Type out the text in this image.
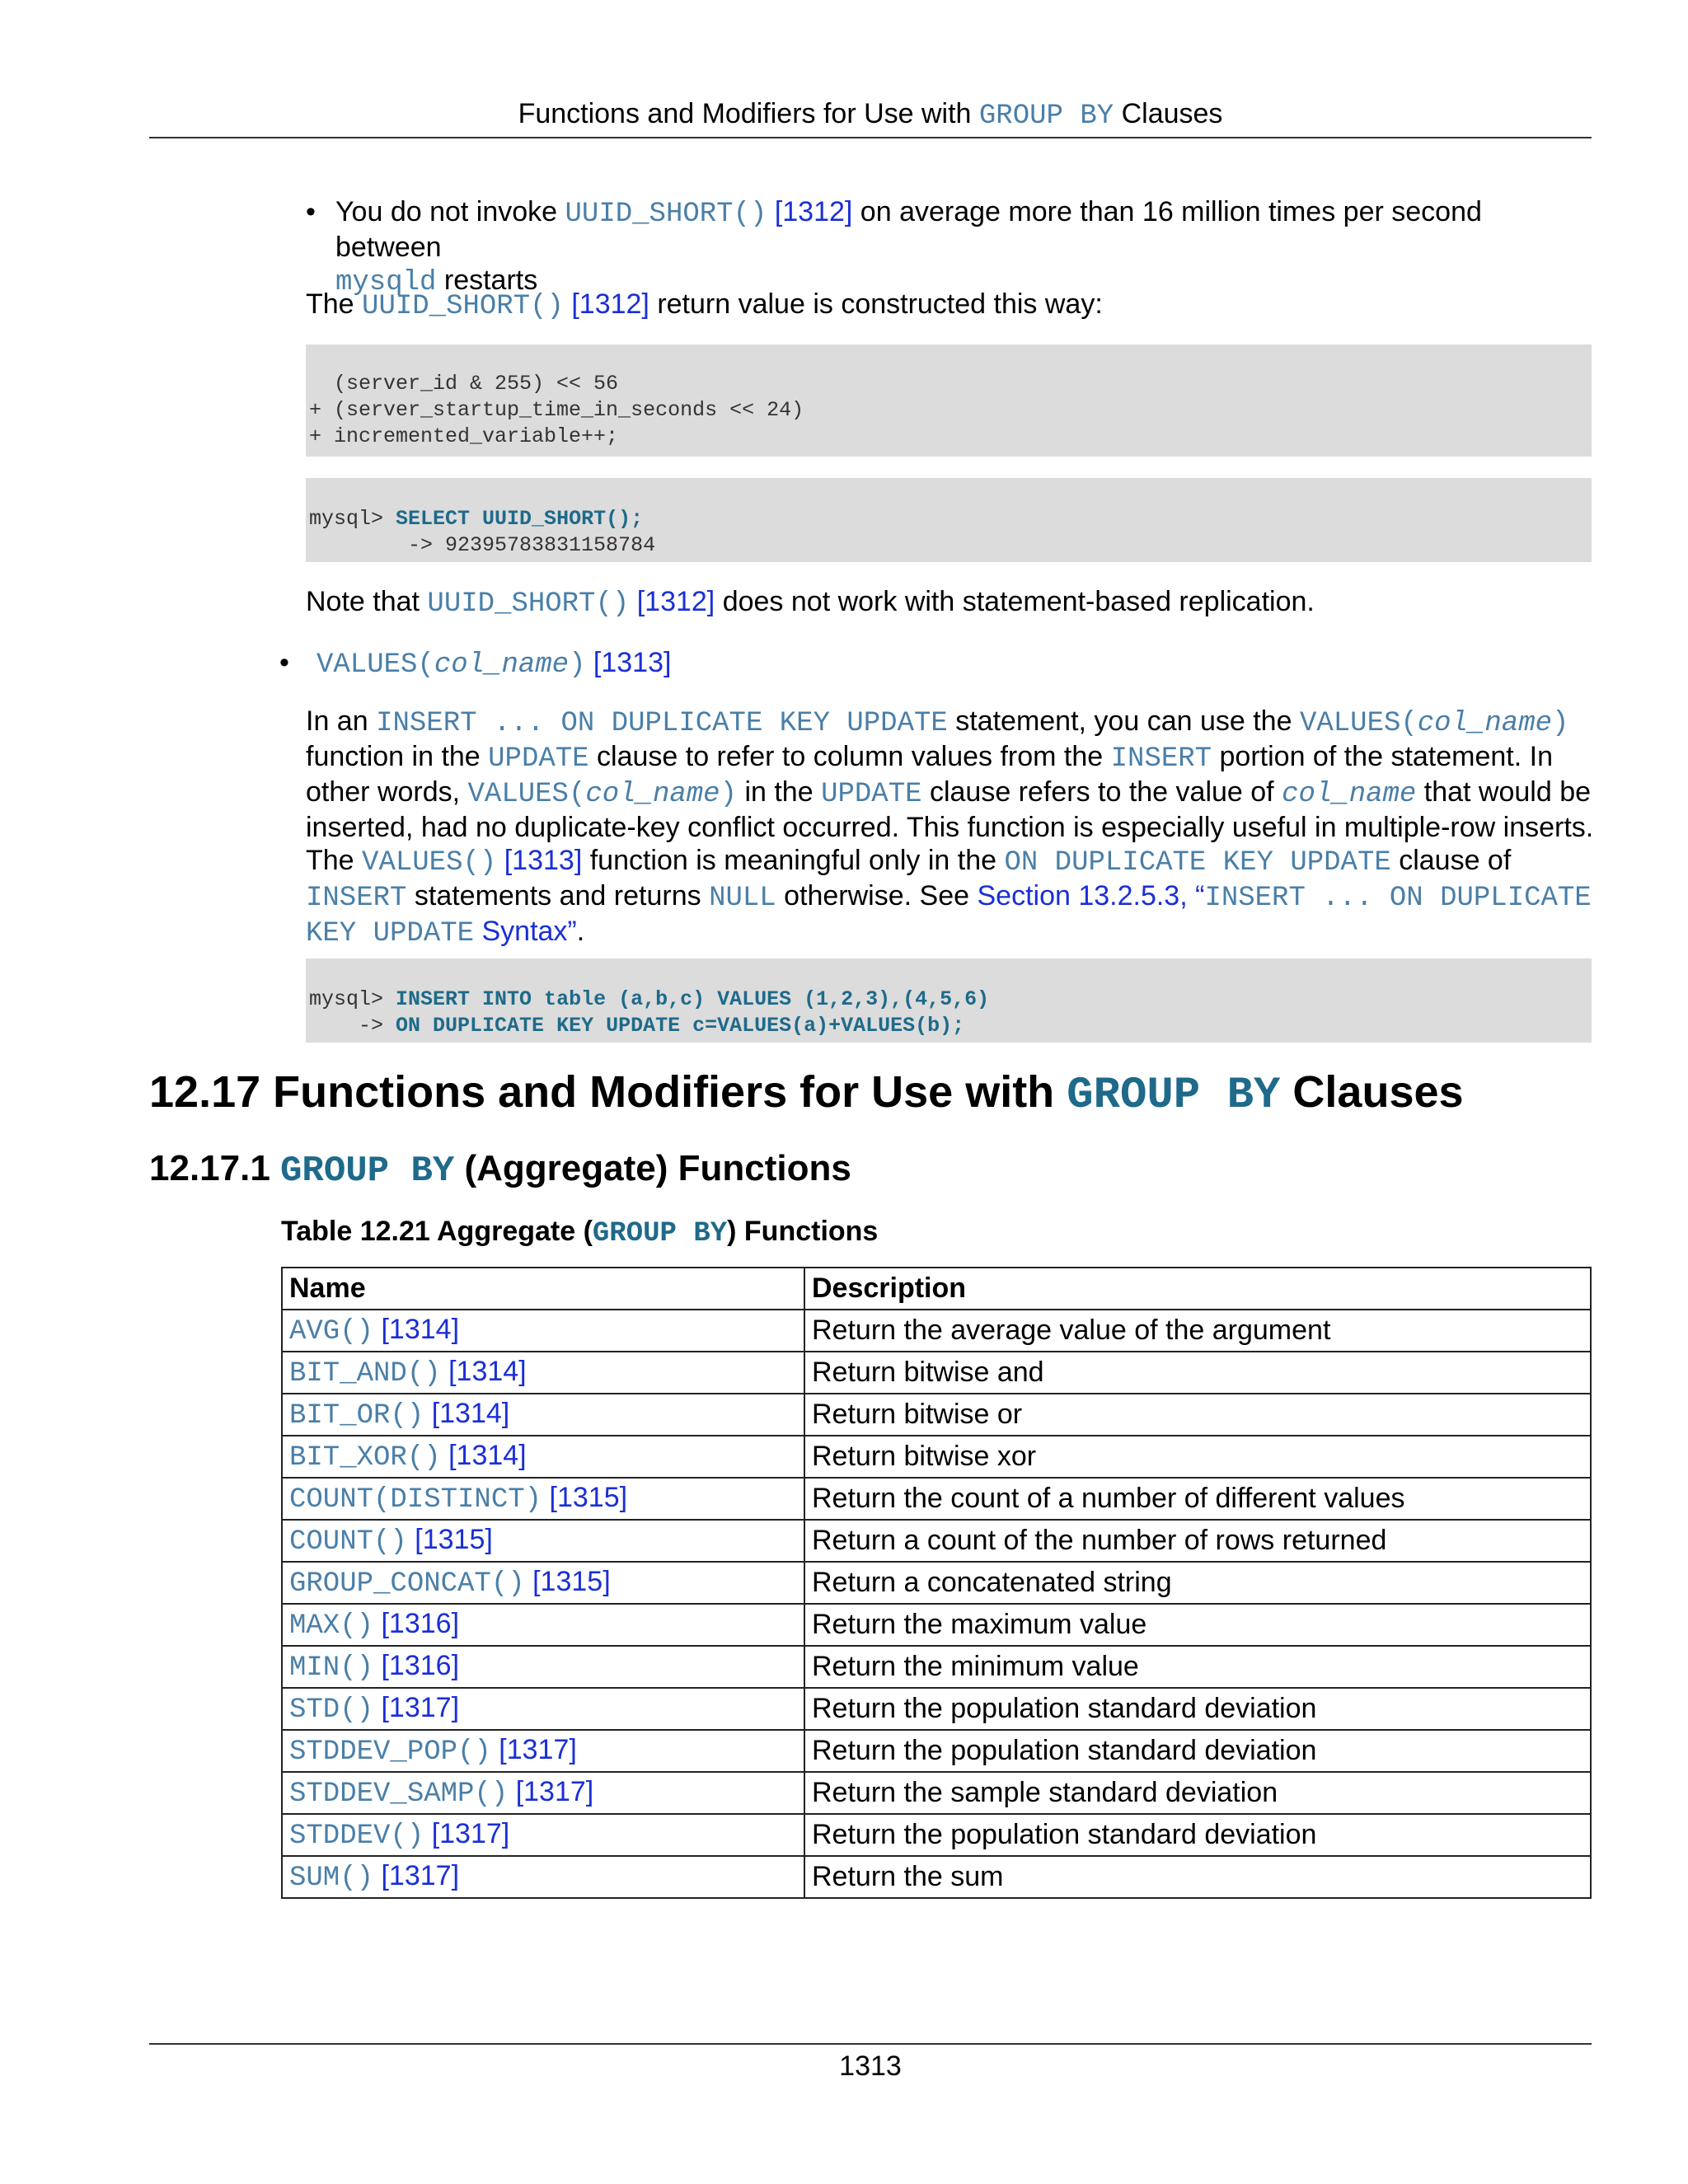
Functions and Modifiers for Use with GROUP BY Clauses
• You do not invoke UUID_SHORT() [1312] on average more than 16 million times per second between
mysqld restarts
The UUID_SHORT() [1312] return value is constructed this way:
(server_id & 255) << 56
+ (server_startup_time_in_seconds << 24)
+ incremented_variable++;
mysql> SELECT UUID_SHORT();
-> 92395783831158784
Note that UUID_SHORT() [1312] does not work with statement-based replication.
• VALUES(col_name) [1313]
In an INSERT ... ON DUPLICATE KEY UPDATE statement, you can use the VALUES(col_name)
function in the UPDATE clause to refer to column values from the INSERT portion of the statement. In
other words, VALUES(col_name) in the UPDATE clause refers to the value of col_name that would be
inserted, had no duplicate-key conflict occurred. This function is especially useful in multiple-row inserts.
The VALUES() [1313] function is meaningful only in the ON DUPLICATE KEY UPDATE clause of
INSERT statements and returns NULL otherwise. See Section 13.2.5.3, “INSERT ... ON DUPLICATE
KEY UPDATE Syntax”.
mysql> INSERT INTO table (a,b,c) VALUES (1,2,3),(4,5,6)
-> ON DUPLICATE KEY UPDATE c=VALUES(a)+VALUES(b);
12.17 Functions and Modifiers for Use with GROUP BY Clauses
12.17.1 GROUP BY (Aggregate) Functions
Table 12.21 Aggregate (GROUP BY) Functions
Name	Description
AVG() [1314]	Return the average value of the argument
BIT_AND() [1314]	Return bitwise and
BIT_OR() [1314]	Return bitwise or
BIT_XOR() [1314]	Return bitwise xor
COUNT(DISTINCT) [1315]	Return the count of a number of different values
COUNT() [1315]	Return a count of the number of rows returned
GROUP_CONCAT() [1315]	Return a concatenated string
MAX() [1316]	Return the maximum value
MIN() [1316]	Return the minimum value
STD() [1317]	Return the population standard deviation
STDDEV_POP() [1317]	Return the population standard deviation
STDDEV_SAMP() [1317]	Return the sample standard deviation
STDDEV() [1317]	Return the population standard deviation
SUM() [1317]	Return the sum
1313
